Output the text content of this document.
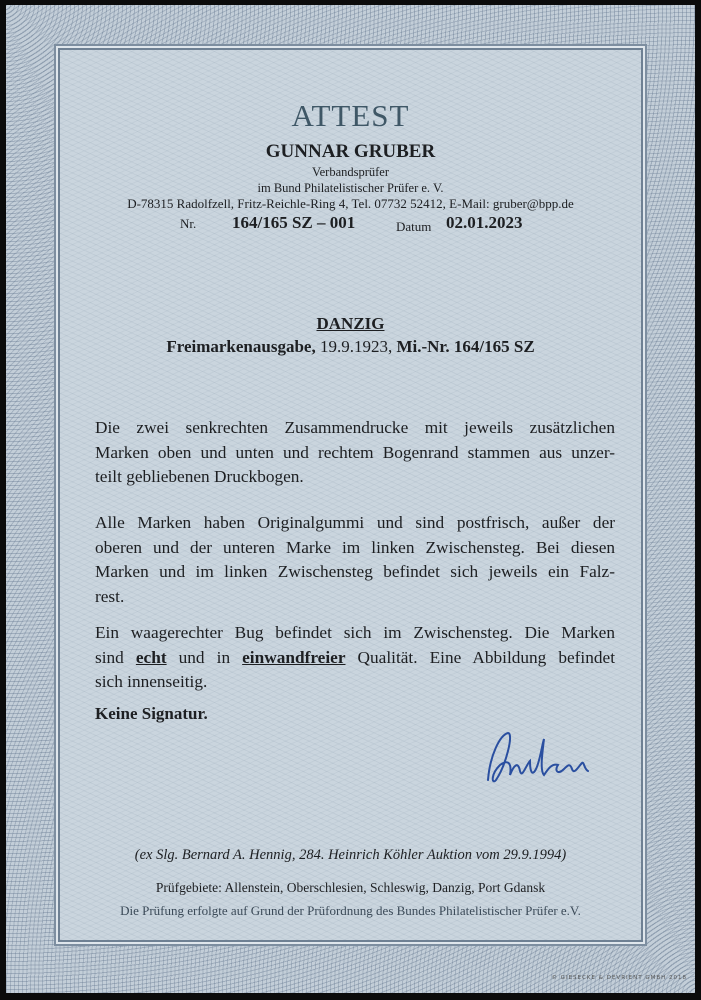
ATTEST
GUNNAR GRUBER
Verbandsprüfer
im Bund Philatelistischer Prüfer e. V.
D-78315 Radolfzell, Fritz-Reichle-Ring 4, Tel. 07732 52412, E-Mail: gruber@bpp.de
Nr. 164/165 SZ – 001	Datum 02.01.2023
DANZIG
Freimarkenausgabe, 19.9.1923, Mi.-Nr. 164/165 SZ
Die zwei senkrechten Zusammendrucke mit jeweils zusätzlichen
Marken oben und unten und rechtem Bogenrand stammen aus unzer-
teilt gebliebenen Druckbogen.
Alle Marken haben Originalgummi und sind postfrisch, außer der
oberen und der unteren Marke im linken Zwischensteg. Bei diesen
Marken und im linken Zwischensteg befindet sich jeweils ein Falz-
rest.
Ein waagerechter Bug befindet sich im Zwischensteg. Die Marken
sind echt und in einwandfreier Qualität. Eine Abbildung befindet
sich innenseitig.
Keine Signatur.
(ex Slg. Bernard A. Hennig, 284. Heinrich Köhler Auktion vom 29.9.1994)
Prüfgebiete: Allenstein, Oberschlesien, Schleswig, Danzig, Port Gdansk
Die Prüfung erfolgte auf Grund der Prüfordnung des Bundes Philatelistischer Prüfer e.V.
© GIESECKE & DEVRIENT GMBH 2018
